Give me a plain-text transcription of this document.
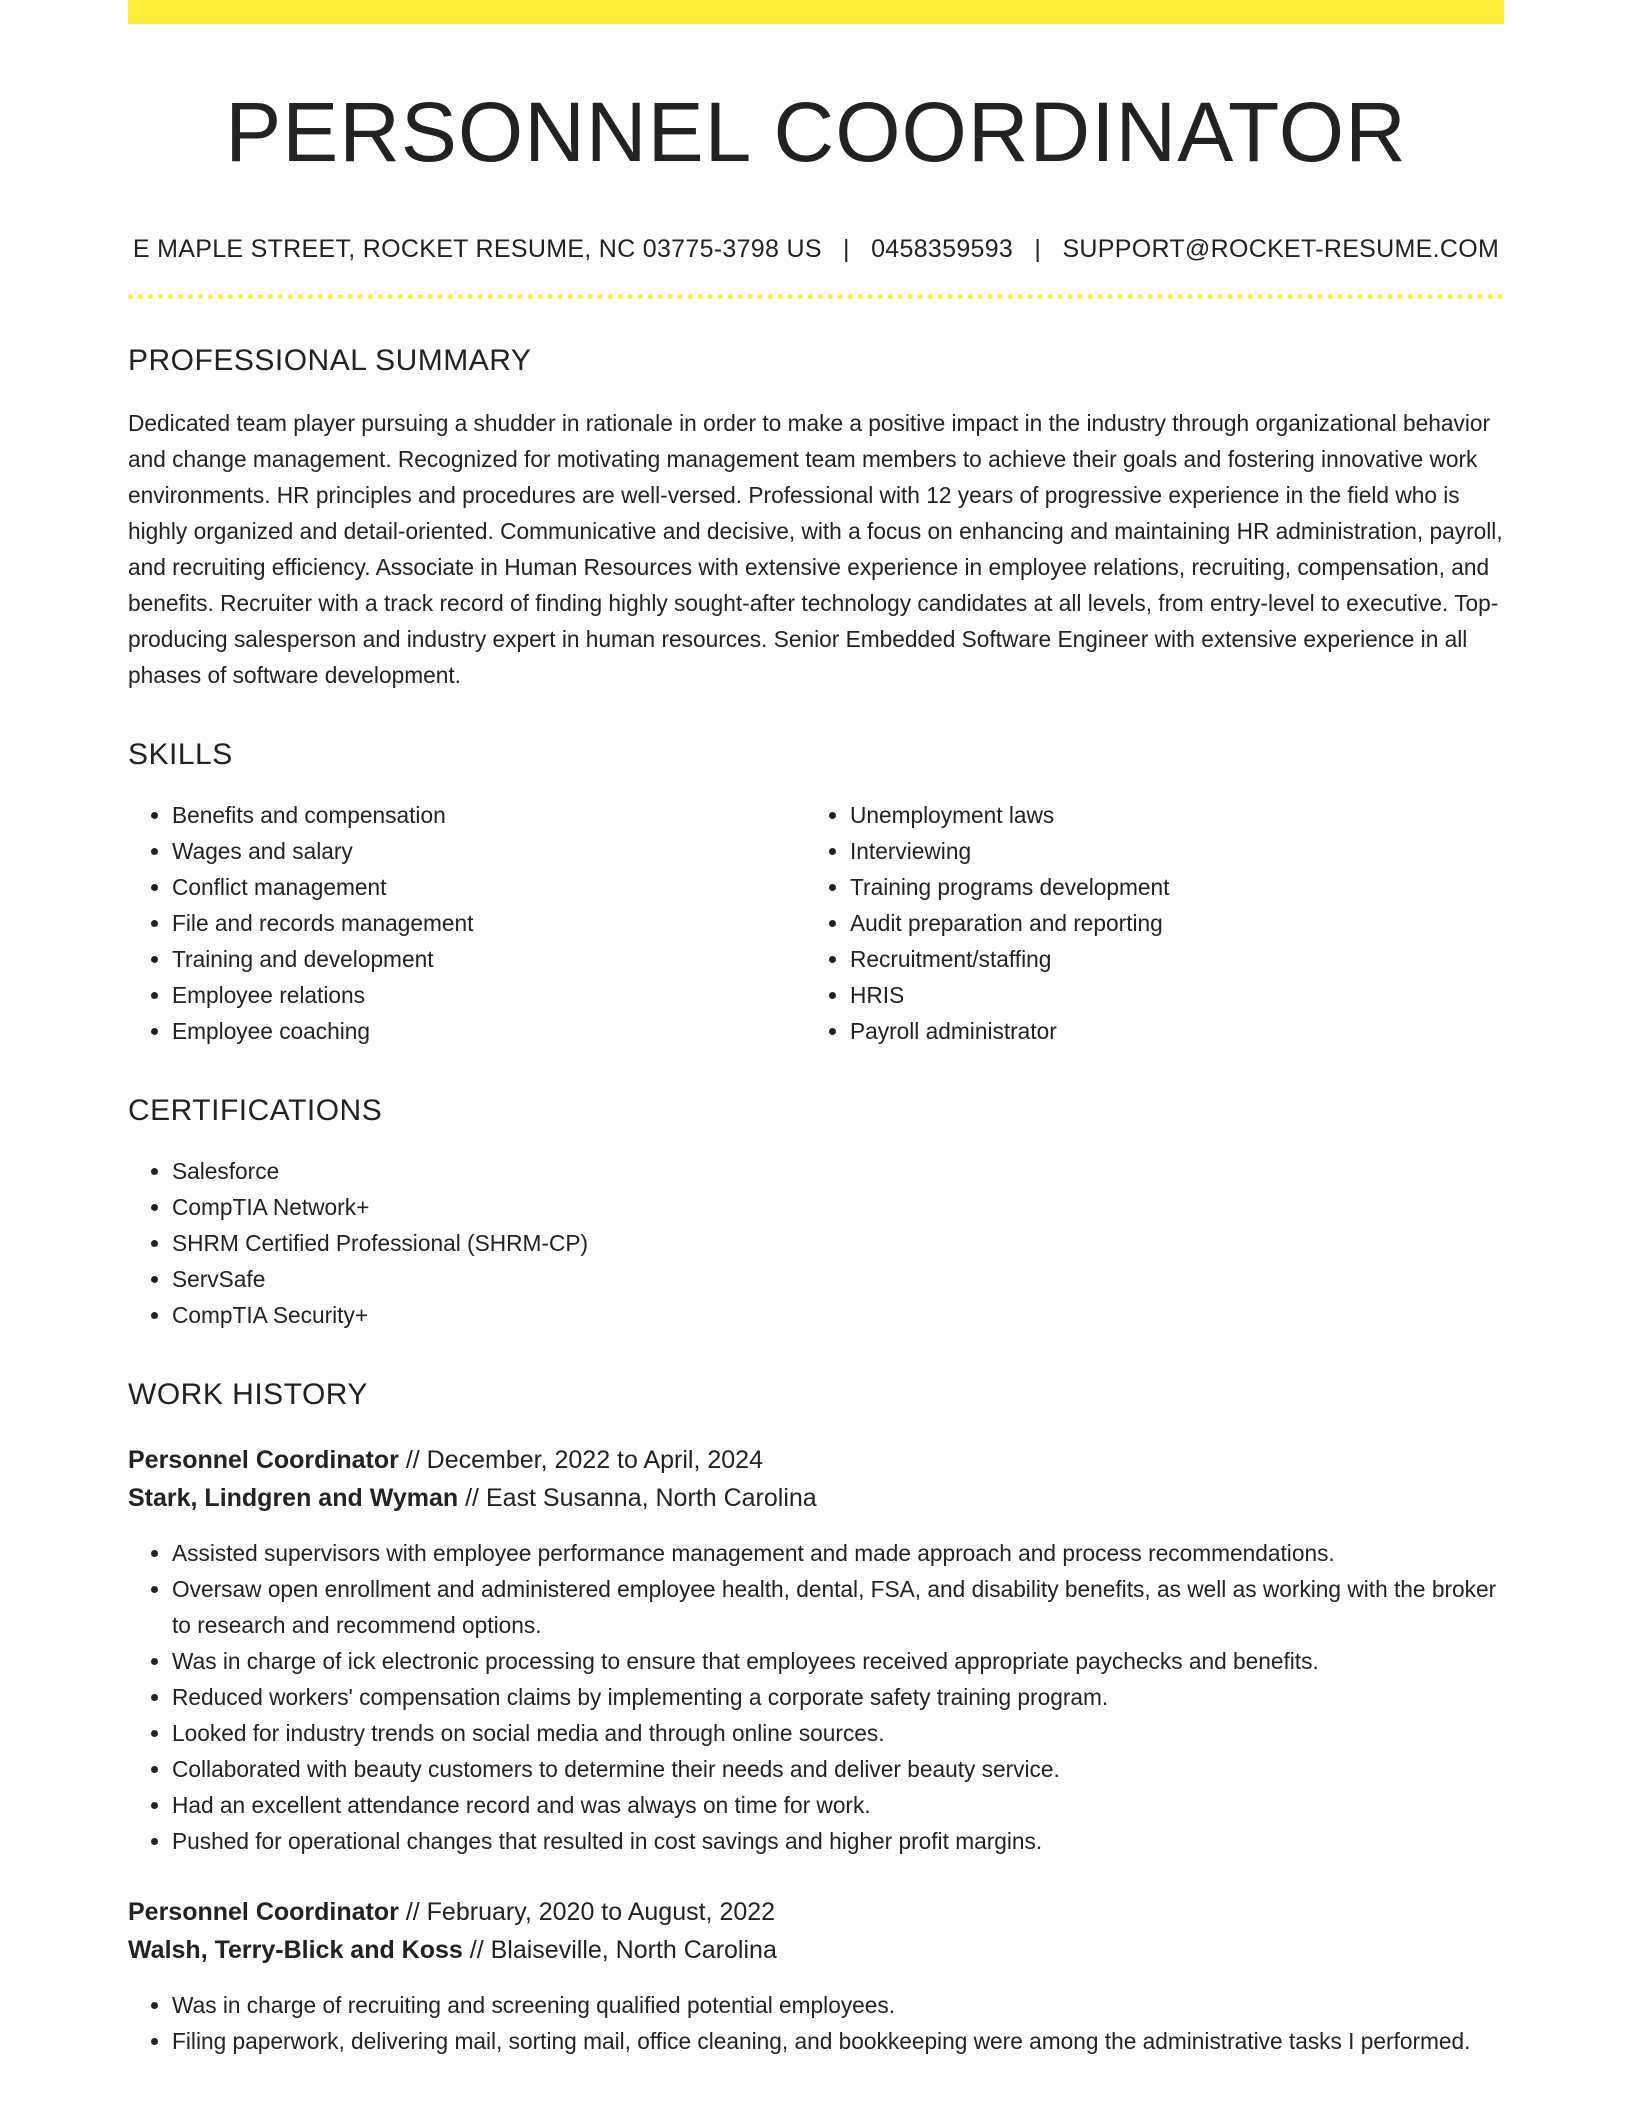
PERSONNEL COORDINATOR
E MAPLE STREET, ROCKET RESUME, NC 03775-3798 US | 0458359593 | SUPPORT@ROCKET-RESUME.COM
PROFESSIONAL SUMMARY
Dedicated team player pursuing a shudder in rationale in order to make a positive impact in the industry through organizational behavior and change management. Recognized for motivating management team members to achieve their goals and fostering innovative work environments. HR principles and procedures are well-versed. Professional with 12 years of progressive experience in the field who is highly organized and detail-oriented. Communicative and decisive, with a focus on enhancing and maintaining HR administration, payroll, and recruiting efficiency. Associate in Human Resources with extensive experience in employee relations, recruiting, compensation, and benefits. Recruiter with a track record of finding highly sought-after technology candidates at all levels, from entry-level to executive. Top-producing salesperson and industry expert in human resources. Senior Embedded Software Engineer with extensive experience in all phases of software development.
SKILLS
• Benefits and compensation
• Wages and salary
• Conflict management
• File and records management
• Training and development
• Employee relations
• Employee coaching
• Unemployment laws
• Interviewing
• Training programs development
• Audit preparation and reporting
• Recruitment/staffing
• HRIS
• Payroll administrator
CERTIFICATIONS
• Salesforce
• CompTIA Network+
• SHRM Certified Professional (SHRM-CP)
• ServSafe
• CompTIA Security+
WORK HISTORY
Personnel Coordinator // December, 2022 to April, 2024
Stark, Lindgren and Wyman // East Susanna, North Carolina
• Assisted supervisors with employee performance management and made approach and process recommendations.
• Oversaw open enrollment and administered employee health, dental, FSA, and disability benefits, as well as working with the broker to research and recommend options.
• Was in charge of ick electronic processing to ensure that employees received appropriate paychecks and benefits.
• Reduced workers' compensation claims by implementing a corporate safety training program.
• Looked for industry trends on social media and through online sources.
• Collaborated with beauty customers to determine their needs and deliver beauty service.
• Had an excellent attendance record and was always on time for work.
• Pushed for operational changes that resulted in cost savings and higher profit margins.
Personnel Coordinator // February, 2020 to August, 2022
Walsh, Terry-Blick and Koss // Blaiseville, North Carolina
• Was in charge of recruiting and screening qualified potential employees.
• Filing paperwork, delivering mail, sorting mail, office cleaning, and bookkeeping were among the administrative tasks I performed.
